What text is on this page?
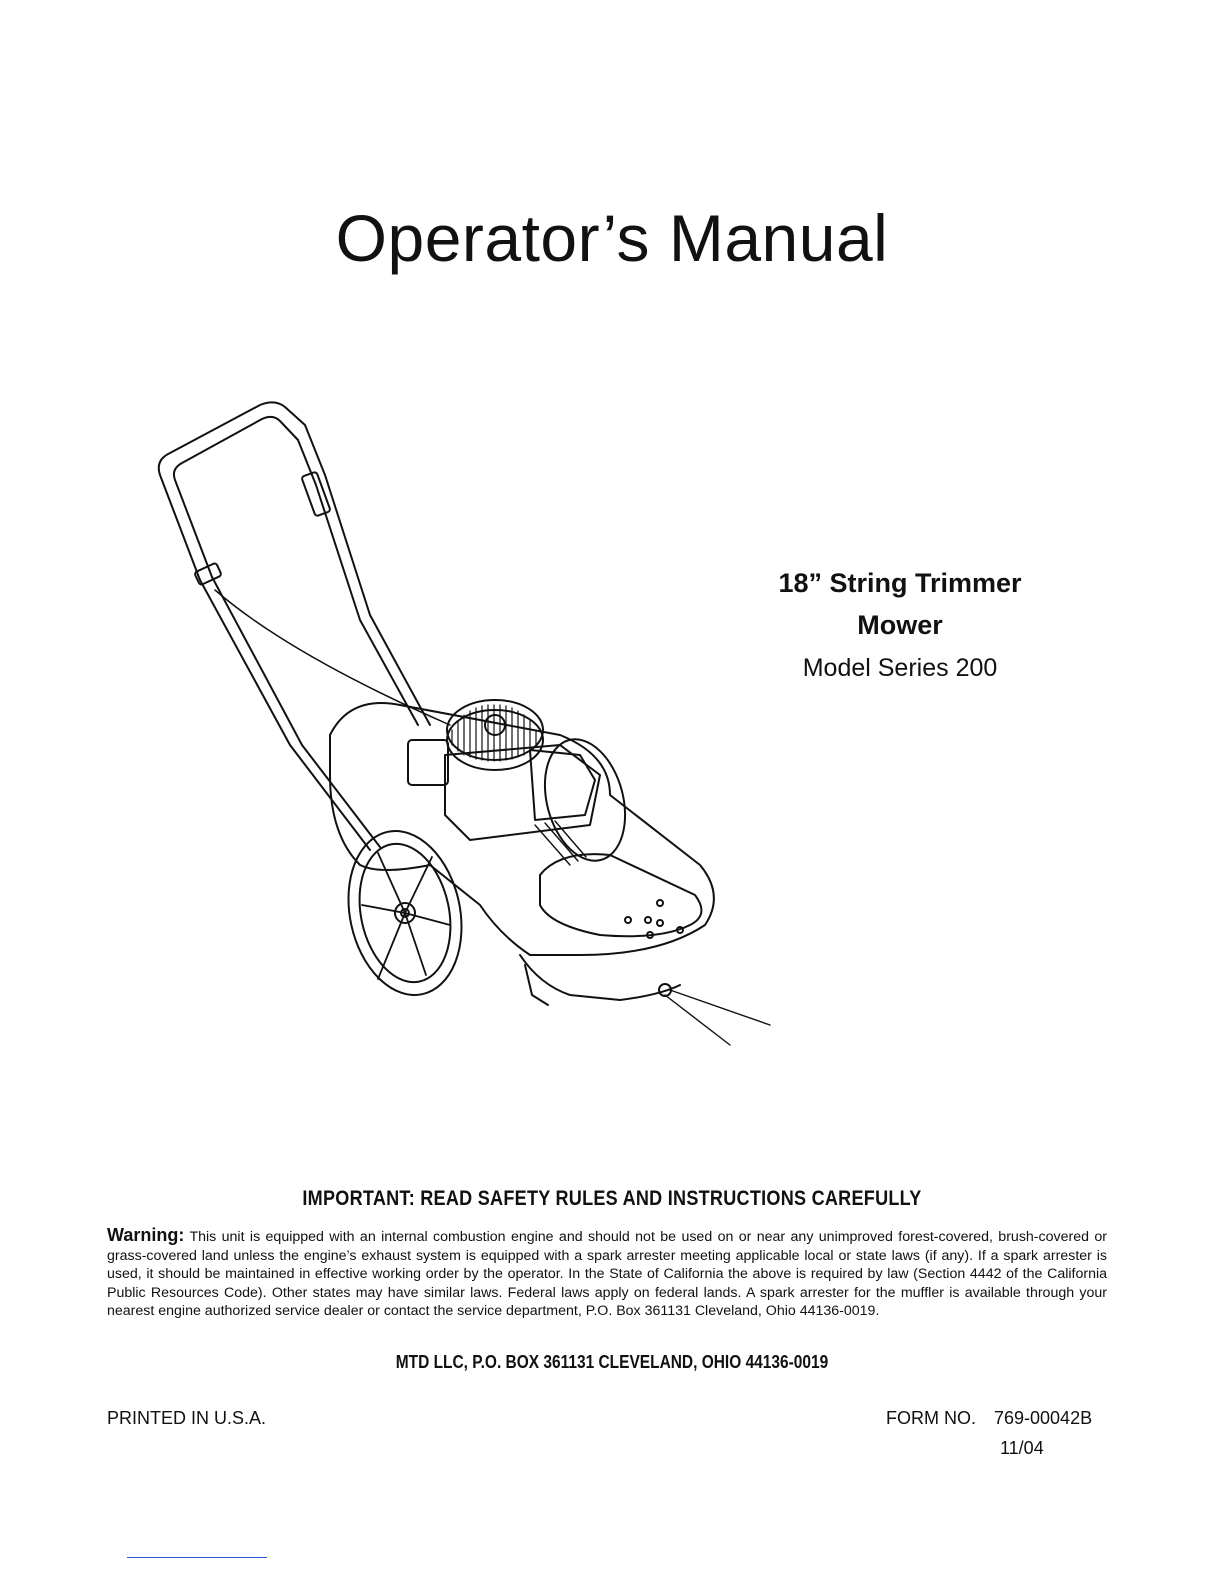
Operator’s Manual

18” String Trimmer

Mower

Model Series 200

IMPORTANT: READ SAFETY RULES AND INSTRUCTIONS CAREFULLY

Warning: This unit is equipped with an internal combustion engine and should not be used on or near any unimproved forest-covered, brush-covered or grass-covered land unless the engine’s exhaust system is equipped with a spark arrester meeting applicable local or state laws (if any). If a spark arrester is used, it should be maintained in effective working order by the operator. In the State of California the above is required by law (Section 4442 of the California Public Resources Code). Other states may have similar laws. Federal laws apply on federal lands. A spark arrester for the muffler is available through your nearest engine authorized service dealer or contact the service department, P.O. Box 361131 Cleveland, Ohio 44136-0019.

MTD LLC, P.O. BOX 361131 CLEVELAND, OHIO 44136-0019
PRINTED IN U.S.A.	FORM NO. 769-00042B
11/04
